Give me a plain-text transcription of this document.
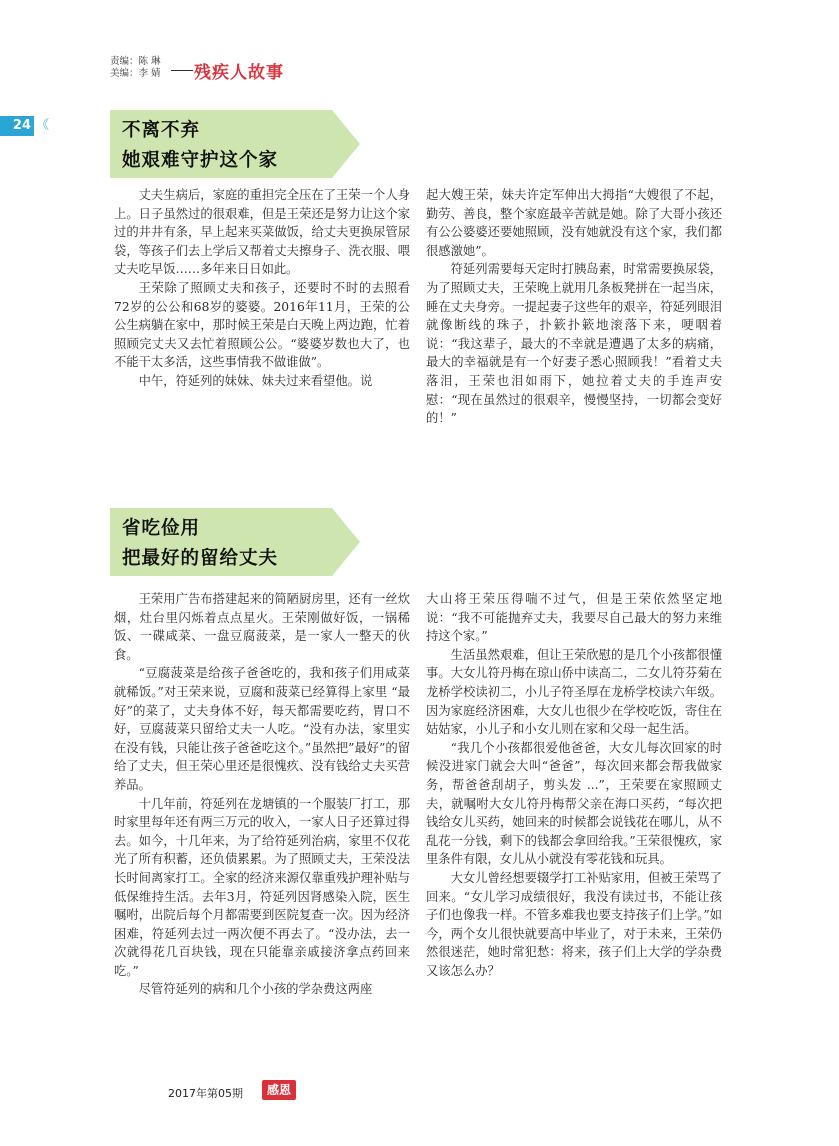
责编：陈 琳
美编：李 婧 残疾人故事
24 《	不离不弃
她艰难守护这个家

丈夫生病后，家庭的重担完全压在了王荣一个人身上。日子虽然过的很艰难，但是王荣还是努力让这个家过的井井有条，早上起来买菜做饭，给丈夫更换尿管尿袋，等孩子们去上学后又帮着丈夫擦身子、洗衣服、喂丈夫吃早饭……多年来日日如此。

王荣除了照顾丈夫和孩子，还要时不时的去照看72岁的公公和68岁的婆婆。2016年11月，王荣的公公生病躺在家中，那时候王荣是白天晚上两边跑，忙着照顾完丈夫又去忙着照顾公公。“婆婆岁数也大了，也不能干太多活，这些事情我不做谁做”。

中午，符延列的妹妹、妹夫过来看望他。说

起大嫂王荣，妹夫许定军伸出大拇指“大嫂很了不起，勤劳、善良，整个家庭最辛苦就是她。除了大哥小孩还有公公婆婆还要她照顾，没有她就没有这个家，我们都很感激她”。

符延列需要每天定时打胰岛素，时常需要换尿袋，为了照顾丈夫，王荣晚上就用几条板凳拼在一起当床，睡在丈夫身旁。一提起妻子这些年的艰辛，符延列眼泪就像断线的珠子，扑簌扑簌地滚落下来，哽咽着说：“我这辈子，最大的不幸就是遭遇了太多的病痛，最大的幸福就是有一个好妻子悉心照顾我！”看着丈夫落泪，王荣也泪如雨下，她拉着丈夫的手连声安慰：“现在虽然过的很艰辛，慢慢坚持，一切都会变好的！”

省吃俭用
把最好的留给丈夫

王荣用广告布搭建起来的简陋厨房里，还有一丝炊烟，灶台里闪烁着点点星火。王荣刚做好饭，一锅稀饭、一碟咸菜、一盘豆腐菠菜，是一家人一整天的伙食。

“豆腐菠菜是给孩子爸爸吃的，我和孩子们用咸菜就稀饭。”对王荣来说，豆腐和菠菜已经算得上家里 “最好”的菜了，丈夫身体不好，每天都需要吃药，胃口不好，豆腐菠菜只留给丈夫一人吃。“没有办法，家里实在没有钱，只能让孩子爸爸吃这个。”虽然把”最好”的留给了丈夫，但王荣心里还是很愧疚、没有钱给丈夫买营养品。

十几年前，符延列在龙塘镇的一个服装厂打工，那时家里每年还有两三万元的收入，一家人日子还算过得去。如今，十几年来，为了给符延列治病，家里不仅花光了所有积蓄，还负债累累。为了照顾丈夫，王荣没法长时间离家打工。全家的经济来源仅靠重残护理补贴与低保维持生活。去年3月，符延列因肾感染入院，医生嘱咐，出院后每个月都需要到医院复查一次。因为经济困难，符延列去过一两次便不再去了。“没办法，去一次就得花几百块钱，现在只能靠亲戚接济拿点药回来吃。”

尽管符延列的病和几个小孩的学杂费这两座

大山将王荣压得喘不过气，但是王荣依然坚定地说：“我不可能抛弃丈夫，我要尽自己最大的努力来维持这个家。”

生活虽然艰难，但让王荣欣慰的是几个小孩都很懂事。大女儿符丹梅在琼山侨中读高二，二女儿符芬菊在龙桥学校读初二，小儿子符圣厚在龙桥学校读六年级。因为家庭经济困难，大女儿也很少在学校吃饭，寄住在姑姑家，小儿子和小女儿则在家和父母一起生活。

“我几个小孩都很爱他爸爸，大女儿每次回家的时候没进家门就会大叫“爸爸”，每次回来都会帮我做家务，帮爸爸刮胡子，剪头发 ...”，王荣要在家照顾丈夫，就嘱咐大女儿符丹梅帮父亲在海口买药，“每次把钱给女儿买药，她回来的时候都会说钱花在哪儿，从不乱花一分钱，剩下的钱都会拿回给我。”王荣很愧疚，家里条件有限，女儿从小就没有零花钱和玩具。

大女儿曾经想要辍学打工补贴家用，但被王荣骂了回来。“女儿学习成绩很好，我没有读过书，不能让孩子们也像我一样。不管多难我也要支持孩子们上学。”如今，两个女儿很快就要高中毕业了，对于未来，王荣仍然很迷茫，她时常犯愁：将来，孩子们上大学的学杂费又该怎么办？

2017年第05期	感恩
